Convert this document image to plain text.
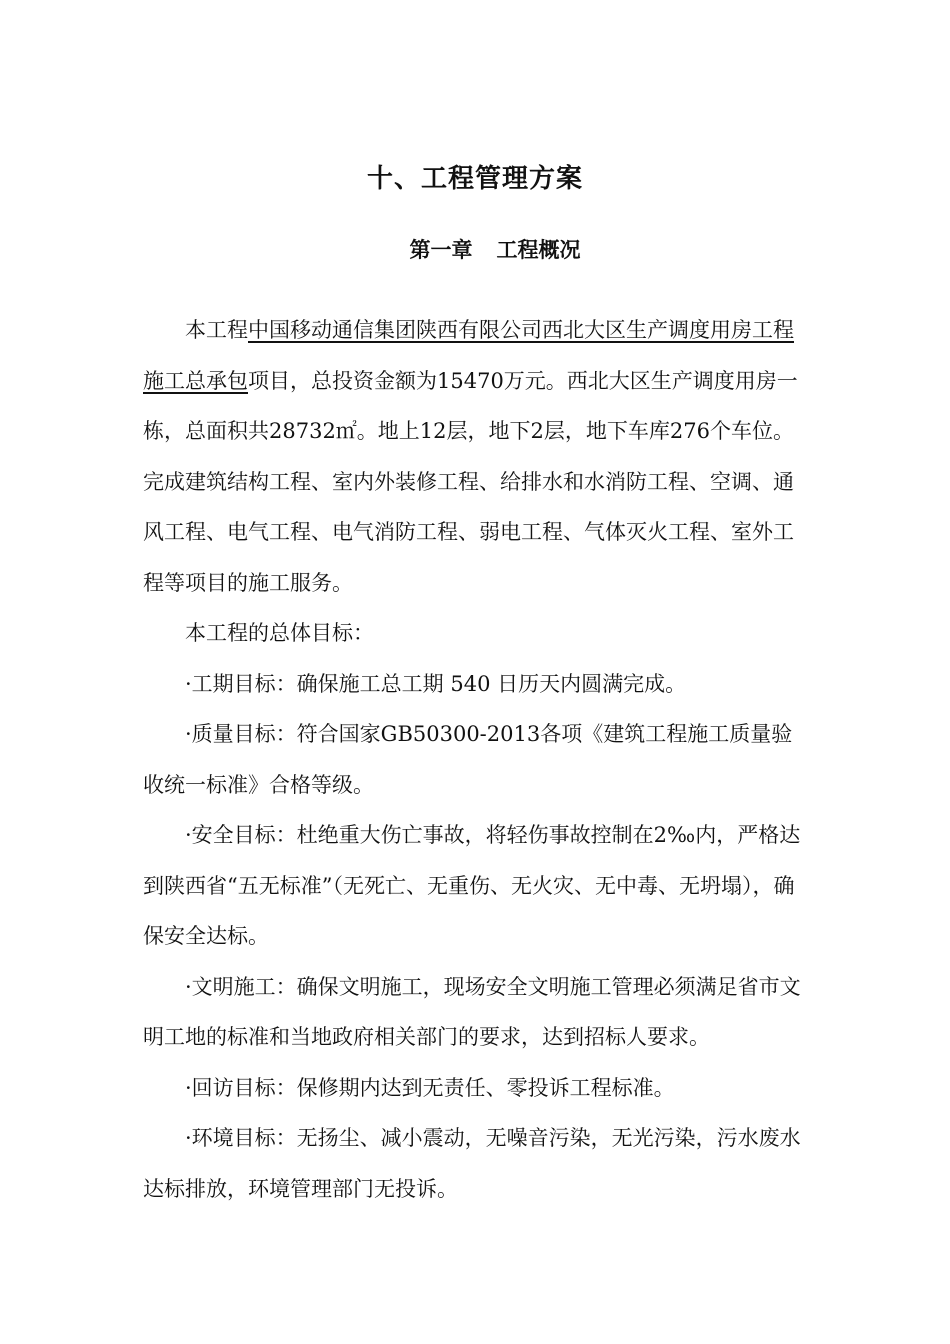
十、工程管理方案
第一章 工程概况

本工程中国移动通信集团陕西有限公司西北大区生产调度用房工程施工总承包项目，总投资金额为15470万元。西北大区生产调度用房一栋，总面积共28732㎡。地上12层，地下2层，地下车库276个车位。完成建筑结构工程、室内外装修工程、给排水和水消防工程、空调、通风工程、电气工程、电气消防工程、弱电工程、气体灭火工程、室外工程等项目的施工服务。

本工程的总体目标：

·工期目标：确保施工总工期 540 日历天内圆满完成。

·质量目标：符合国家GB50300-2013各项《建筑工程施工质量验收统一标准》合格等级。

·安全目标：杜绝重大伤亡事故，将轻伤事故控制在2‰内，严格达到陕西省“五无标准”（无死亡、无重伤、无火灾、无中毒、无坍塌），确保安全达标。

·文明施工：确保文明施工，现场安全文明施工管理必须满足省市文明工地的标准和当地政府相关部门的要求，达到招标人要求。

·回访目标：保修期内达到无责任、零投诉工程标准。

·环境目标：无扬尘、减小震动，无噪音污染，无光污染，污水废水达标排放，环境管理部门无投诉。
